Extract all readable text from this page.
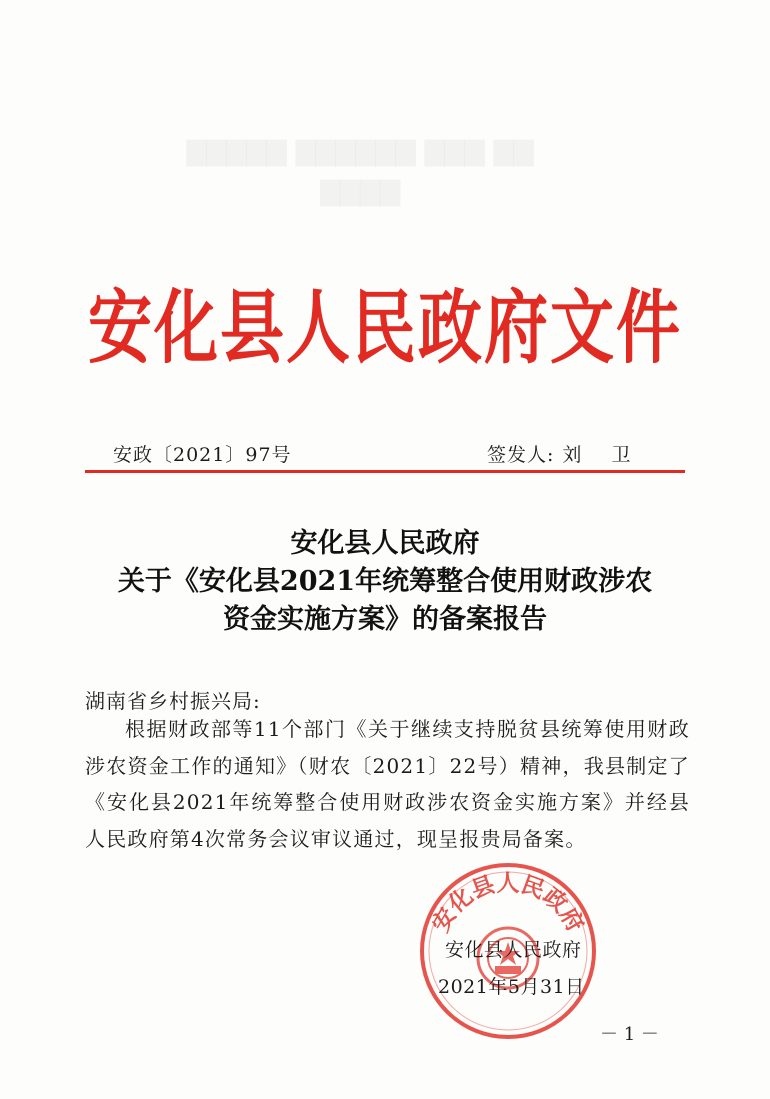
▇▇ ▇▇▇ ▇▇▇▇▇▇ ▇▇▇▇▇
▇▇▇▇
安化县人民政府文件
安政〔2021〕97号	签发人: 刘 卫
安化县人民政府
关于《安化县2021年统筹整合使用财政涉农
资金实施方案》的备案报告
湖南省乡村振兴局:
根据财政部等11个部门《关于继续支持脱贫县统筹使用财政涉农资金工作的通知》（财农〔2021〕22号）精神，我县制定了《安化县2021年统筹整合使用财政涉农资金实施方案》并经县人民政府第4次常务会议审议通过，现呈报贵局备案。
安化县人民政府
安化县人民政府
2021年5月31日
－ 1 －
